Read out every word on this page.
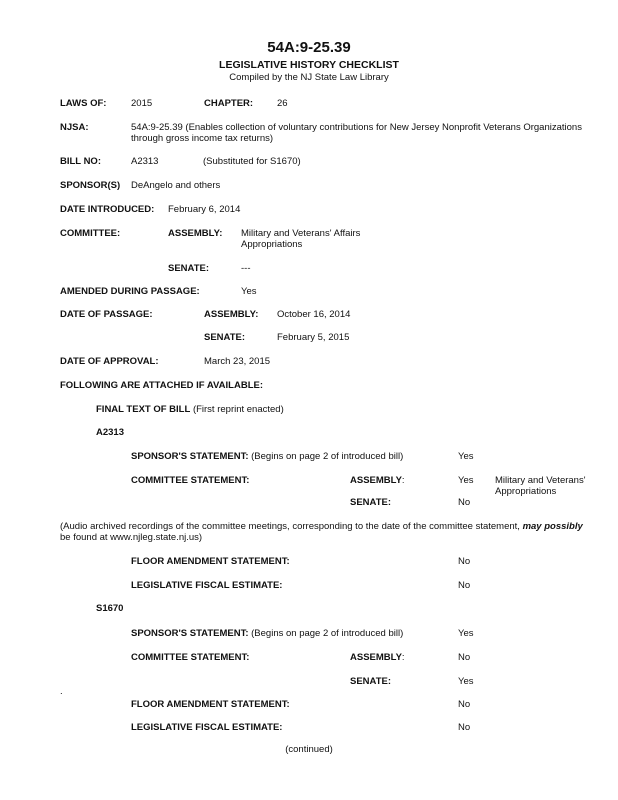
54A:9-25.39
LEGISLATIVE HISTORY CHECKLIST
Compiled by the NJ State Law Library
LAWS OF:	2015	CHAPTER:	26
NJSA:	54A:9-25.39 (Enables collection of voluntary contributions for New Jersey Nonprofit Veterans Organizations
through gross income tax returns)
BILL NO:	A2313	(Substituted for S1670)
SPONSOR(S) DeAngelo and others
DATE INTRODUCED: February 6, 2014
COMMITTEE:	ASSEMBLY: Military and Veterans' Affairs
Appropriations
SENATE:	---
AMENDED DURING PASSAGE:	Yes
DATE OF PASSAGE:	ASSEMBLY: October 16, 2014
SENATE:	February 5, 2015
DATE OF APPROVAL:	March 23, 2015
FOLLOWING ARE ATTACHED IF AVAILABLE:
FINAL TEXT OF BILL (First reprint enacted)
A2313
SPONSOR'S STATEMENT: (Begins on page 2 of introduced bill)	Yes
COMMITTEE STATEMENT:	ASSEMBLY:	Yes Military and Veterans'
Appropriations
SENATE:	No
(Audio archived recordings of the committee meetings, corresponding to the date of the committee statement, may possibly
be found at www.njleg.state.nj.us)
FLOOR AMENDMENT STATEMENT:	No
LEGISLATIVE FISCAL ESTIMATE:	No
S1670
SPONSOR'S STATEMENT: (Begins on page 2 of introduced bill)	Yes
COMMITTEE STATEMENT:	ASSEMBLY:	No
SENATE:	Yes
.
FLOOR AMENDMENT STATEMENT:	No
LEGISLATIVE FISCAL ESTIMATE:	No
(continued)
